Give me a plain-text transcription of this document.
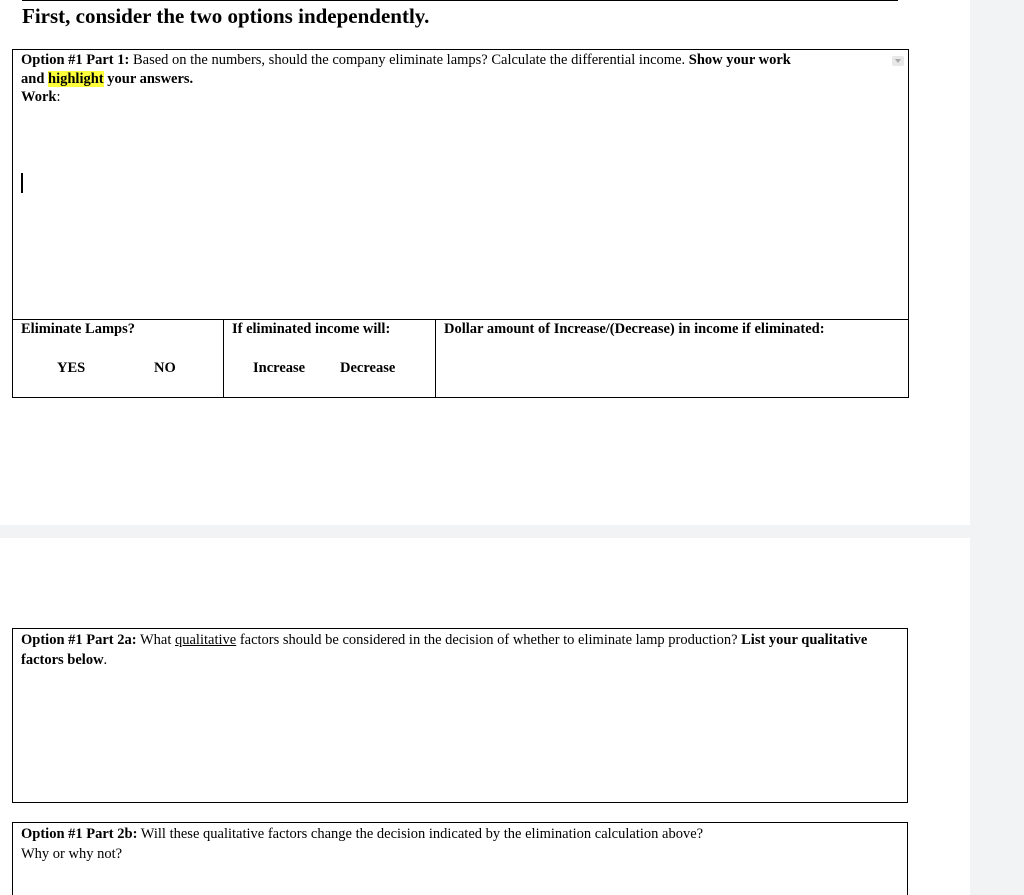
First, consider the two options independently.
Option #1 Part 1: Based on the numbers, should the company eliminate lamps? Calculate the differential income. Show your work
and highlight your answers.
Work:
Eliminate Lamps?
YES	NO
If eliminated income will:
Increase Decrease
Dollar amount of Increase/(Decrease) in income if eliminated:
Option #1 Part 2a: What qualitative factors should be considered in the decision of whether to eliminate lamp production? List your qualitative factors below.
Option #1 Part 2b: Will these qualitative factors change the decision indicated by the elimination calculation above?
Why or why not?
